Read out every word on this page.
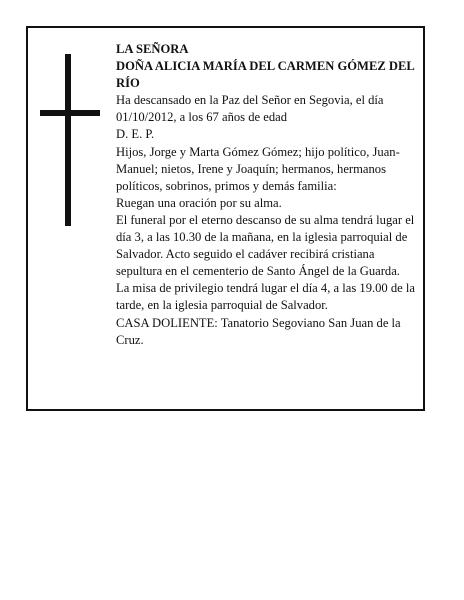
LA SEÑORA

DOÑA ALICIA MARÍA DEL CARMEN GÓMEZ DEL RÍO

Ha descansado en la Paz del Señor en Segovia, el día 01/10/2012, a los 67 años de edad

D. E. P.

Hijos, Jorge y Marta Gómez Gómez; hijo político, Juan-Manuel; nietos, Irene y Joaquín; hermanos, hermanos políticos, sobrinos, primos y demás familia:

Ruegan una oración por su alma.

El funeral por el eterno descanso de su alma tendrá lugar el día 3, a las 10.30 de la mañana, en la iglesia parroquial de Salvador. Acto seguido el cadáver recibirá cristiana sepultura en el cementerio de Santo Ángel de la Guarda. La misa de privilegio tendrá lugar el día 4, a las 19.00 de la tarde, en la iglesia parroquial de Salvador.

CASA DOLIENTE: Tanatorio Segoviano San Juan de la Cruz.
